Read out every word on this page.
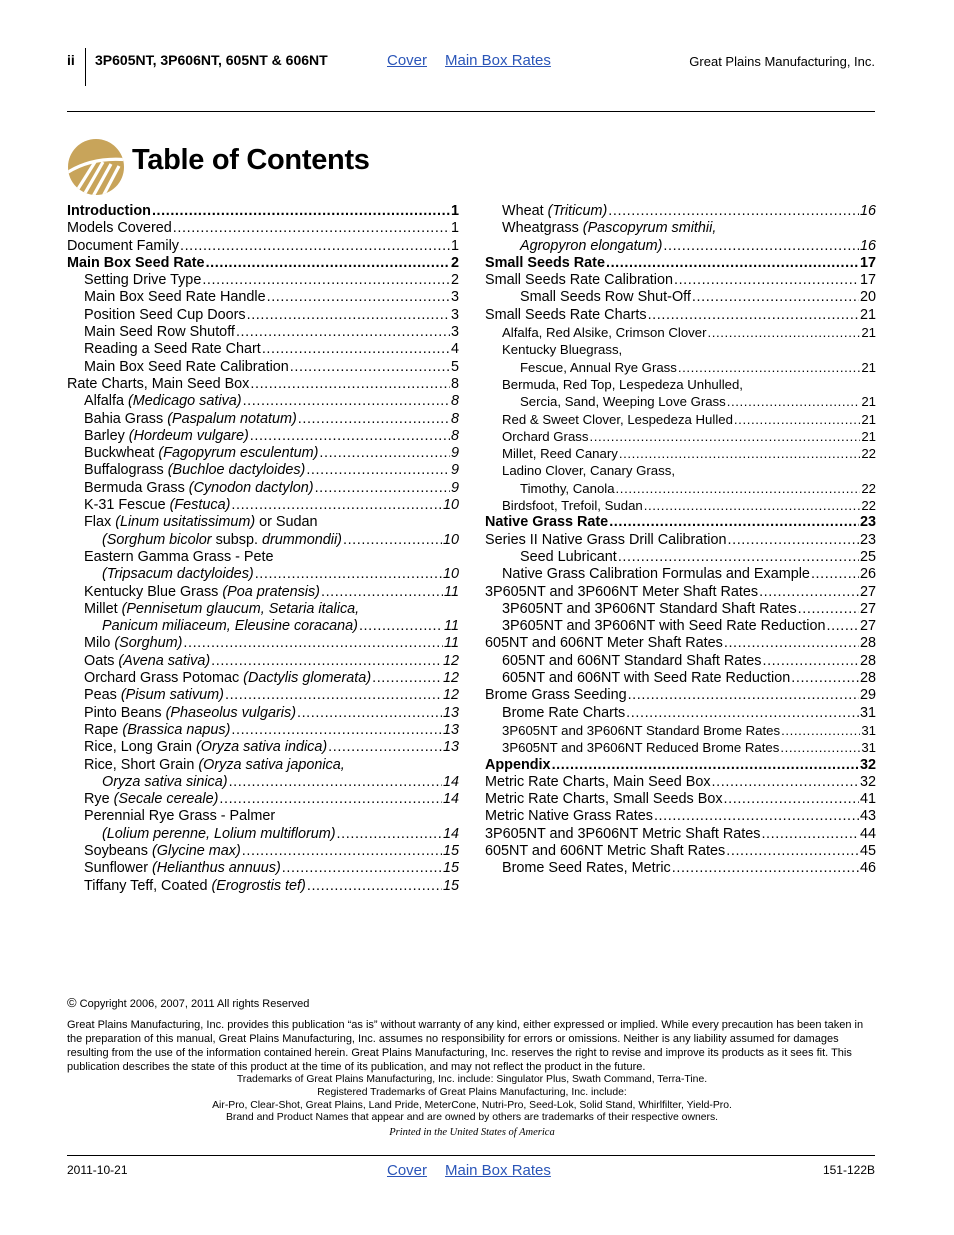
ii 3P605NT, 3P606NT, 605NT & 606NT	Cover Main Box Rates	Great Plains Manufacturing, Inc.
Table of Contents
Introduction .....	1
Models Covered .....	1
Document Family .....	1
Main Box Seed Rate .....	2
Setting Drive Type .....	2
Main Box Seed Rate Handle .....	3
Position Seed Cup Doors .....	3
Main Seed Row Shutoff .....	3
Reading a Seed Rate Chart .....	4
Main Box Seed Rate Calibration .....	5
Rate Charts, Main Seed Box .....	8
Alfalfa (Medicago sativa) .....	8
Bahia Grass (Paspalum notatum) .....	8
Barley (Hordeum vulgare) .....	8
Buckwheat (Fagopyrum esculentum) .....	9
Buffalograss (Buchloe dactyloides) .....	9
Bermuda Grass (Cynodon dactylon) .....	9
K-31 Fescue (Festuca) .....	10
Flax (Linum usitatissimum) or Sudan
(Sorghum bicolor subsp. drummondii) .....	10
Eastern Gamma Grass - Pete
(Tripsacum dactyloides) .....	10
Kentucky Blue Grass (Poa pratensis) .....	11
Millet (Pennisetum glaucum, Setaria italica,
Panicum miliaceum, Eleusine coracana) .....	11
Milo (Sorghum) .....	11
Oats (Avena sativa) .....	12
Orchard Grass Potomac (Dactylis glomerata) .....	12
Peas (Pisum sativum) .....	12
Pinto Beans (Phaseolus vulgaris) .....	13
Rape (Brassica napus) .....	13
Rice, Long Grain (Oryza sativa indica) .....	13
Rice, Short Grain (Oryza sativa japonica,
Oryza sativa sinica) .....	14
Rye (Secale cereale) .....	14
Perennial Rye Grass - Palmer
(Lolium perenne, Lolium multiflorum) .....	14
Soybeans (Glycine max) .....	15
Sunflower (Helianthus annuus) .....	15
Tiffany Teff, Coated (Erogrostis tef) .....	15
Wheat (Triticum) .....	16
Wheatgrass (Pascopyrum smithii,
Agropyron elongatum) .....	16
Small Seeds Rate .....	17
Small Seeds Rate Calibration .....	17
Small Seeds Row Shut-Off .....	20
Small Seeds Rate Charts .....	21
Alfalfa, Red Alsike, Crimson Clover .....	21
Kentucky Bluegrass,
Fescue, Annual Rye Grass .....	21
Bermuda, Red Top, Lespedeza Unhulled,
Sercia, Sand, Weeping Love Grass .....	21
Red & Sweet Clover, Lespedeza Hulled .....	21
Orchard Grass .....	21
Millet, Reed Canary .....	22
Ladino Clover, Canary Grass,
Timothy, Canola .....	22
Birdsfoot, Trefoil, Sudan .....	22
Native Grass Rate .....	23
Series II Native Grass Drill Calibration .....	23
Seed Lubricant .....	25
Native Grass Calibration Formulas and Example .....	26
3P605NT and 3P606NT Meter Shaft Rates .....	27
3P605NT and 3P606NT Standard Shaft Rates .....	27
3P605NT and 3P606NT with Seed Rate Reduction ..... 27
605NT and 606NT Meter Shaft Rates .....	28
605NT and 606NT Standard Shaft Rates .....	28
605NT and 606NT with Seed Rate Reduction .....	28
Brome Grass Seeding .....	29
Brome Rate Charts .....	31
3P605NT and 3P606NT Standard Brome Rates .....	31
3P605NT and 3P606NT Reduced Brome Rates .....	31
Appendix .....	32
Metric Rate Charts, Main Seed Box .....	32
Metric Rate Charts, Small Seeds Box .....	41
Metric Native Grass Rates .....	43
3P605NT and 3P606NT Metric Shaft Rates .....	44
605NT and 606NT Metric Shaft Rates .....	45
Brome Seed Rates, Metric .....	46

© Copyright 2006, 2007, 2011 All rights Reserved

Great Plains Manufacturing, Inc. provides this publication “as is” without warranty of any kind, either expressed or implied. While every precaution has been taken in the preparation of this manual, Great Plains Manufacturing, Inc. assumes no responsibility for errors or omissions. Neither is any liability assumed for damages resulting from the use of the information contained herein. Great Plains Manufacturing, Inc. reserves the right to revise and improve its products as it sees fit. This publication describes the state of this product at the time of its publication, and may not reflect the product in the future.

Trademarks of Great Plains Manufacturing, Inc. include: Singulator Plus, Swath Command, Terra-Tine.
Registered Trademarks of Great Plains Manufacturing, Inc. include:
Air-Pro, Clear-Shot, Great Plains, Land Pride, MeterCone, Nutri-Pro, Seed-Lok, Solid Stand, Whirlfilter, Yield-Pro.
Brand and Product Names that appear and are owned by others are trademarks of their respective owners.
Printed in the United States of America
2011-10-21	Cover Main Box Rates	151-122B
